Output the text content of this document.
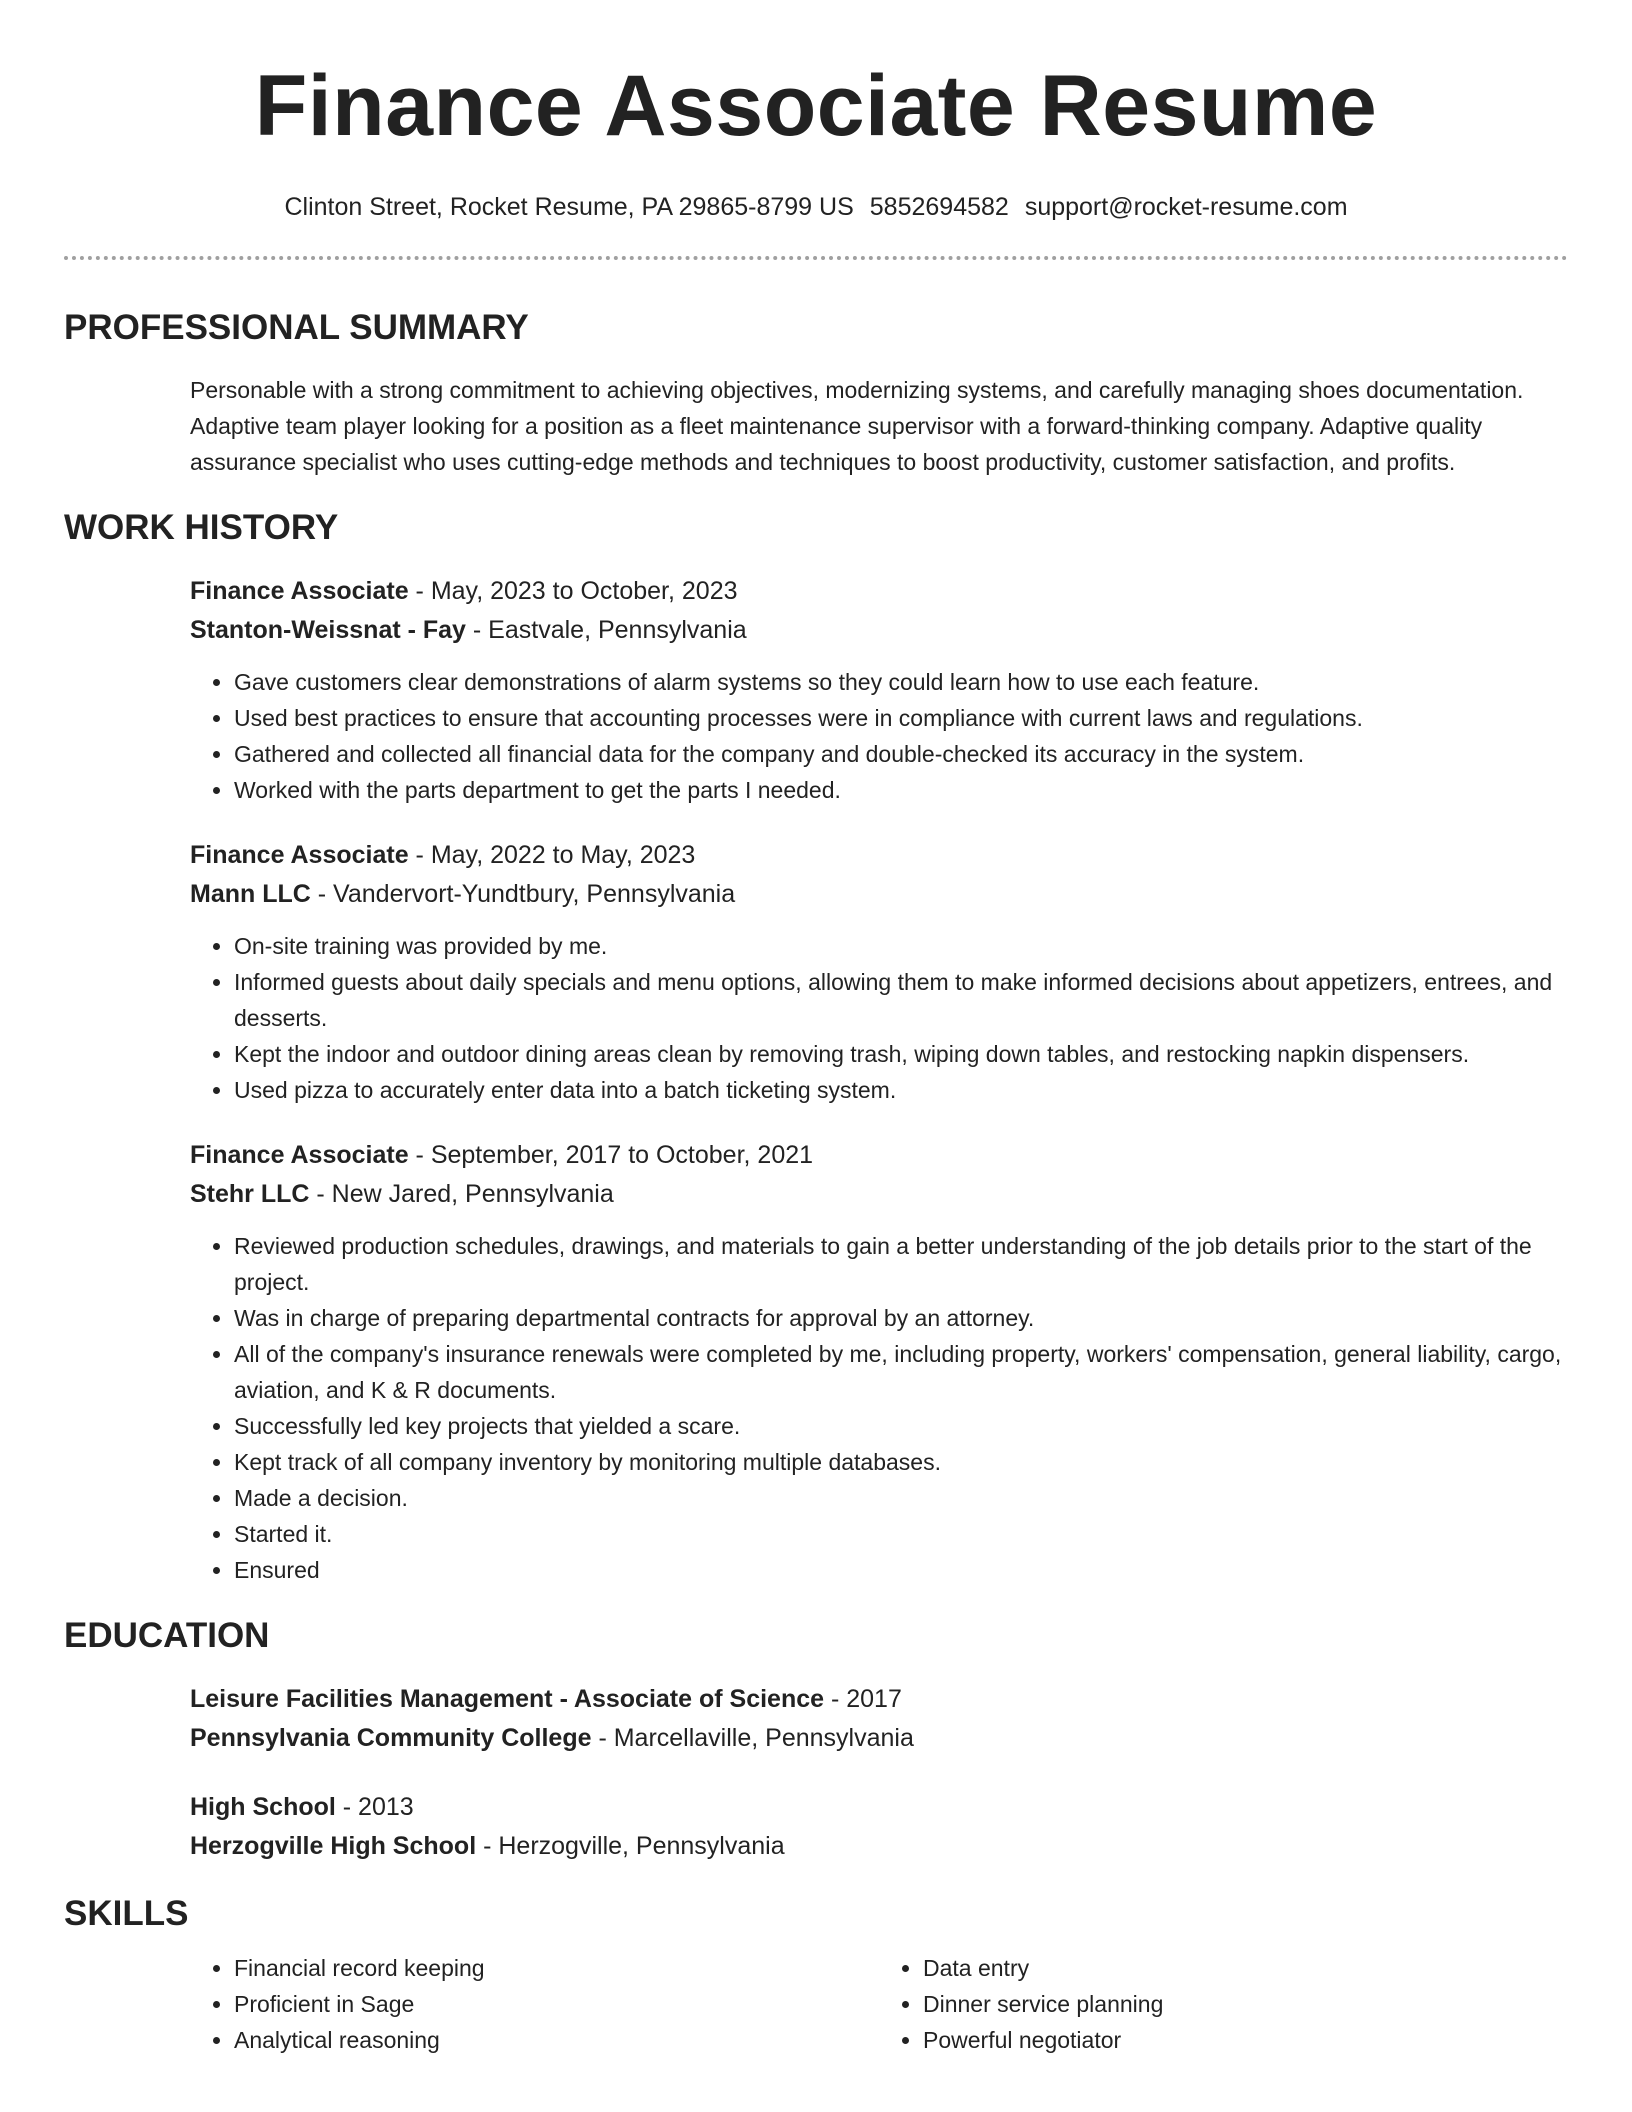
Finance Associate Resume
Clinton Street, Rocket Resume, PA 29865-8799 US 5852694582 support@rocket-resume.com
PROFESSIONAL SUMMARY
Personable with a strong commitment to achieving objectives, modernizing systems, and carefully managing shoes documentation. Adaptive team player looking for a position as a fleet maintenance supervisor with a forward-thinking company. Adaptive quality assurance specialist who uses cutting-edge methods and techniques to boost productivity, customer satisfaction, and profits.
WORK HISTORY
Finance Associate - May, 2023 to October, 2023
Stanton-Weissnat - Fay - Eastvale, Pennsylvania
• Gave customers clear demonstrations of alarm systems so they could learn how to use each feature.
• Used best practices to ensure that accounting processes were in compliance with current laws and regulations.
• Gathered and collected all financial data for the company and double-checked its accuracy in the system.
• Worked with the parts department to get the parts I needed.
Finance Associate - May, 2022 to May, 2023
Mann LLC - Vandervort-Yundtbury, Pennsylvania
• On-site training was provided by me.
• Informed guests about daily specials and menu options, allowing them to make informed decisions about appetizers, entrees, and desserts.
• Kept the indoor and outdoor dining areas clean by removing trash, wiping down tables, and restocking napkin dispensers.
• Used pizza to accurately enter data into a batch ticketing system.
Finance Associate - September, 2017 to October, 2021
Stehr LLC - New Jared, Pennsylvania
• Reviewed production schedules, drawings, and materials to gain a better understanding of the job details prior to the start of the project.
• Was in charge of preparing departmental contracts for approval by an attorney.
• All of the company's insurance renewals were completed by me, including property, workers' compensation, general liability, cargo, aviation, and K & R documents.
• Successfully led key projects that yielded a scare.
• Kept track of all company inventory by monitoring multiple databases.
• Made a decision.
• Started it.
• Ensured
EDUCATION
Leisure Facilities Management - Associate of Science - 2017
Pennsylvania Community College - Marcellaville, Pennsylvania
High School - 2013
Herzogville High School - Herzogville, Pennsylvania
SKILLS
• Financial record keeping
• Proficient in Sage
• Analytical reasoning
• Data entry
• Dinner service planning
• Powerful negotiator
